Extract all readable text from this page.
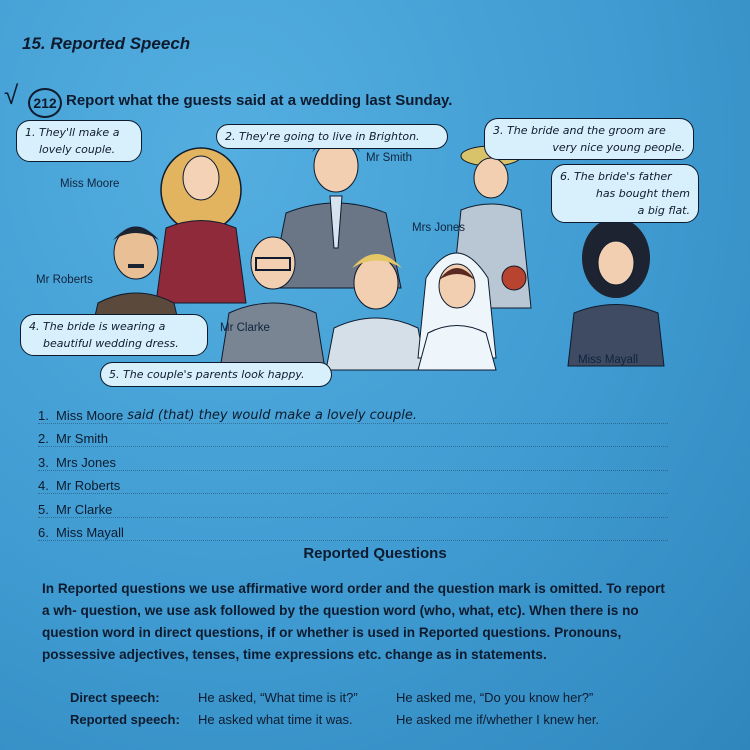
15. Reported Speech
√	212 Report what the guests said at a wedding last Sunday.
1. They'll make a
lovely couple.
2. They're going to live in Brighton.	3. The bride and the groom are

very nice young people.
6. The bride's father

has bought them
a big flat.
4. The bride is wearing a
beautiful wedding dress.
5. The couple's parents look happy.
Miss Moore
Mr Smith
Mrs Jones
Mr Roberts
Mr Clarke
Miss Mayall
1. Miss Moore said (that) they would make a lovely couple.
2. Mr Smith
3. Mrs Jones
4. Mr Roberts
5. Mr Clarke
6. Miss Mayall
Reported Questions
In Reported questions we use affirmative word order and the question mark is omitted. To report
a wh- question, we use ask followed by the question word (who, what, etc). When there is no
question word in direct questions, if or whether is used in Reported questions. Pronouns,
possessive adjectives, tenses, time expressions etc. change as in statements.
Direct speech:	He asked, “What time is it?”	He asked me, “Do you know her?”
Reported speech:	He asked what time it was.	He asked me if/whether I knew her.
